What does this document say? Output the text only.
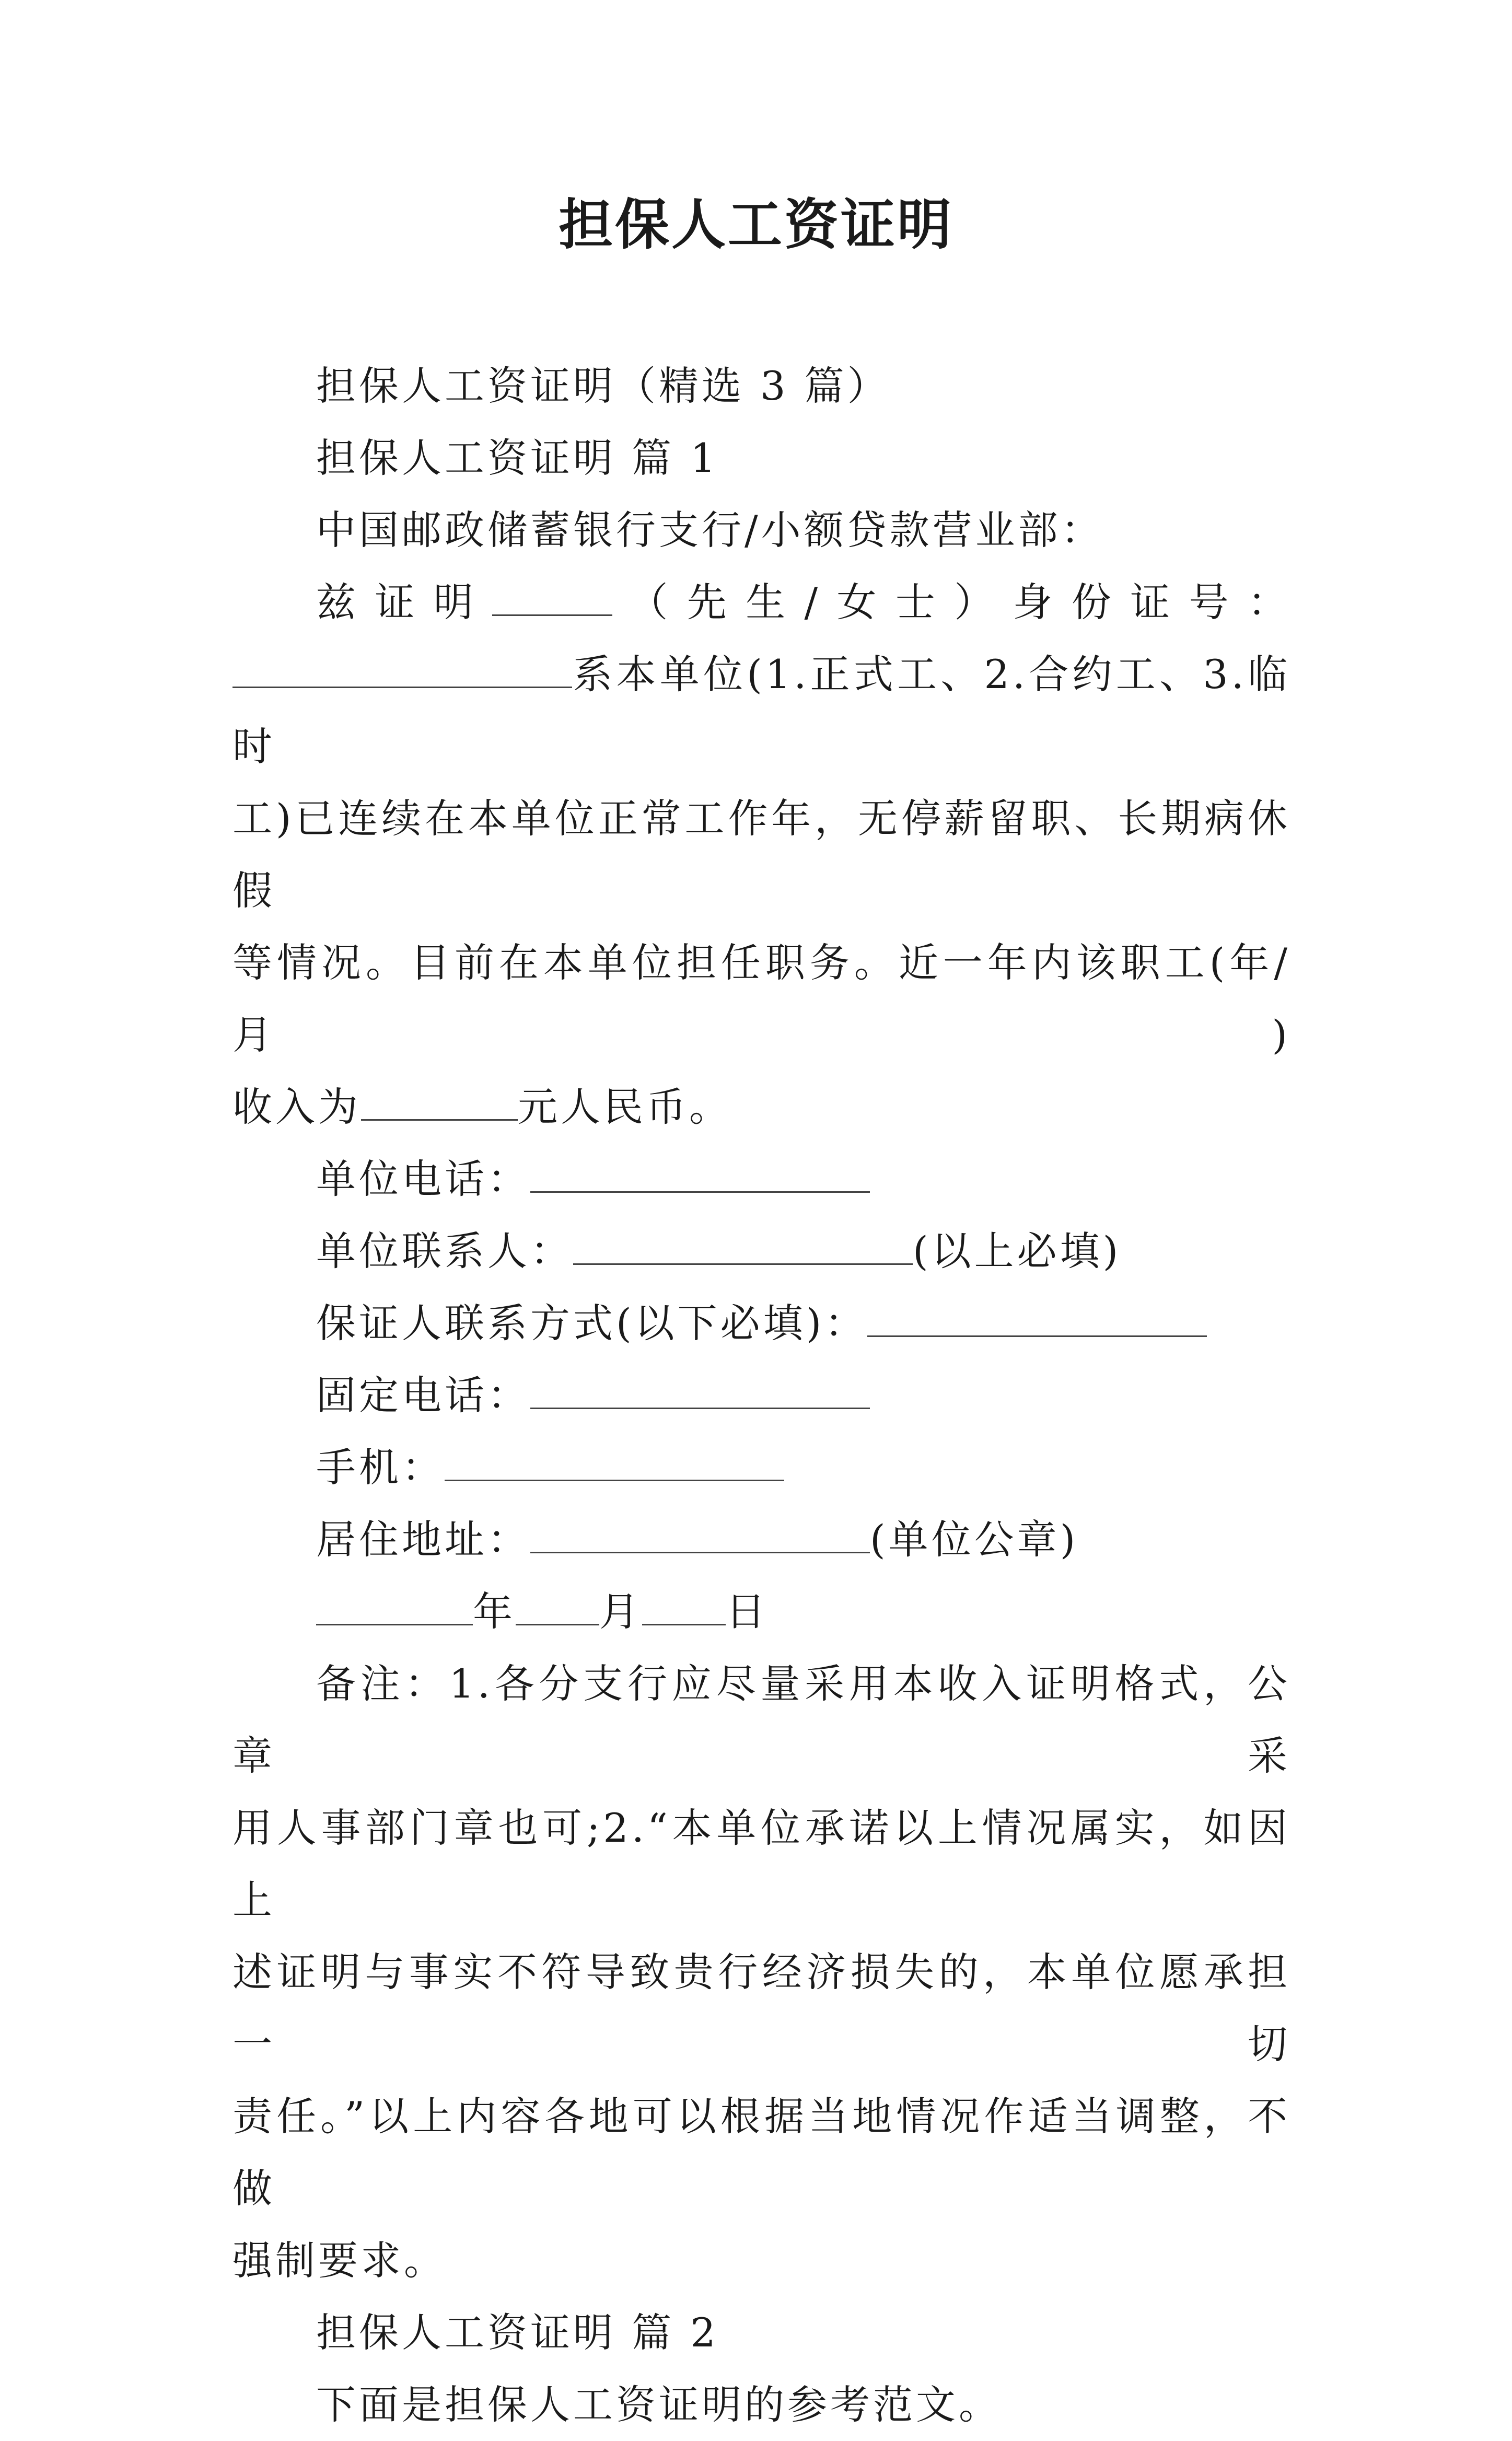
担保人工资证明

担保人工资证明（精选 3 篇）

担保人工资证明 篇 1

中国邮政储蓄银行支行/小额贷款营业部：

兹证明	（先生/女士）身份证号：

系本单位(1.正式工、2.合约工、3.临时

工)已连续在本单位正常工作年，无停薪留职、长期病休假

等情况。目前在本单位担任职务。近一年内该职工(年/月)

收入为	元人民币。

单位电话：

单位联系人：	(以上必填)

保证人联系方式(以下必填)：

固定电话：

手机：

居住地址：	(单位公章)

年 月 日

备注：1.各分支行应尽量采用本收入证明格式，公章采

用人事部门章也可;2.“本单位承诺以上情况属实，如因上

述证明与事实不符导致贵行经济损失的，本单位愿承担一切

责任。”以上内容各地可以根据当地情况作适当调整，不做

强制要求。

担保人工资证明 篇 2

下面是担保人工资证明的参考范文。
